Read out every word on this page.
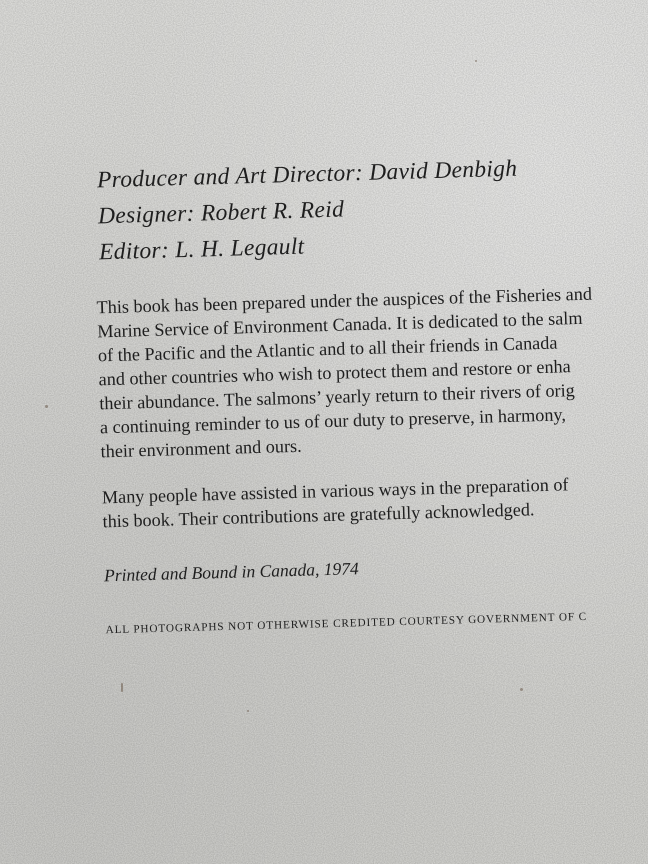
Producer and Art Director: David Denbigh
Designer: Robert R. Reid
Editor: L. H. Legault
This book has been prepared under the auspices of the Fisheries and
Marine Service of Environment Canada. It is dedicated to the salm
of the Pacific and the Atlantic and to all their friends in Canada
and other countries who wish to protect them and restore or enha
their abundance. The salmons’ yearly return to their rivers of orig
a continuing reminder to us of our duty to preserve, in harmony,
their environment and ours.
Many people have assisted in various ways in the preparation of
this book. Their contributions are gratefully acknowledged.
Printed and Bound in Canada, 1974
ALL PHOTOGRAPHS NOT OTHERWISE CREDITED COURTESY GOVERNMENT OF C
